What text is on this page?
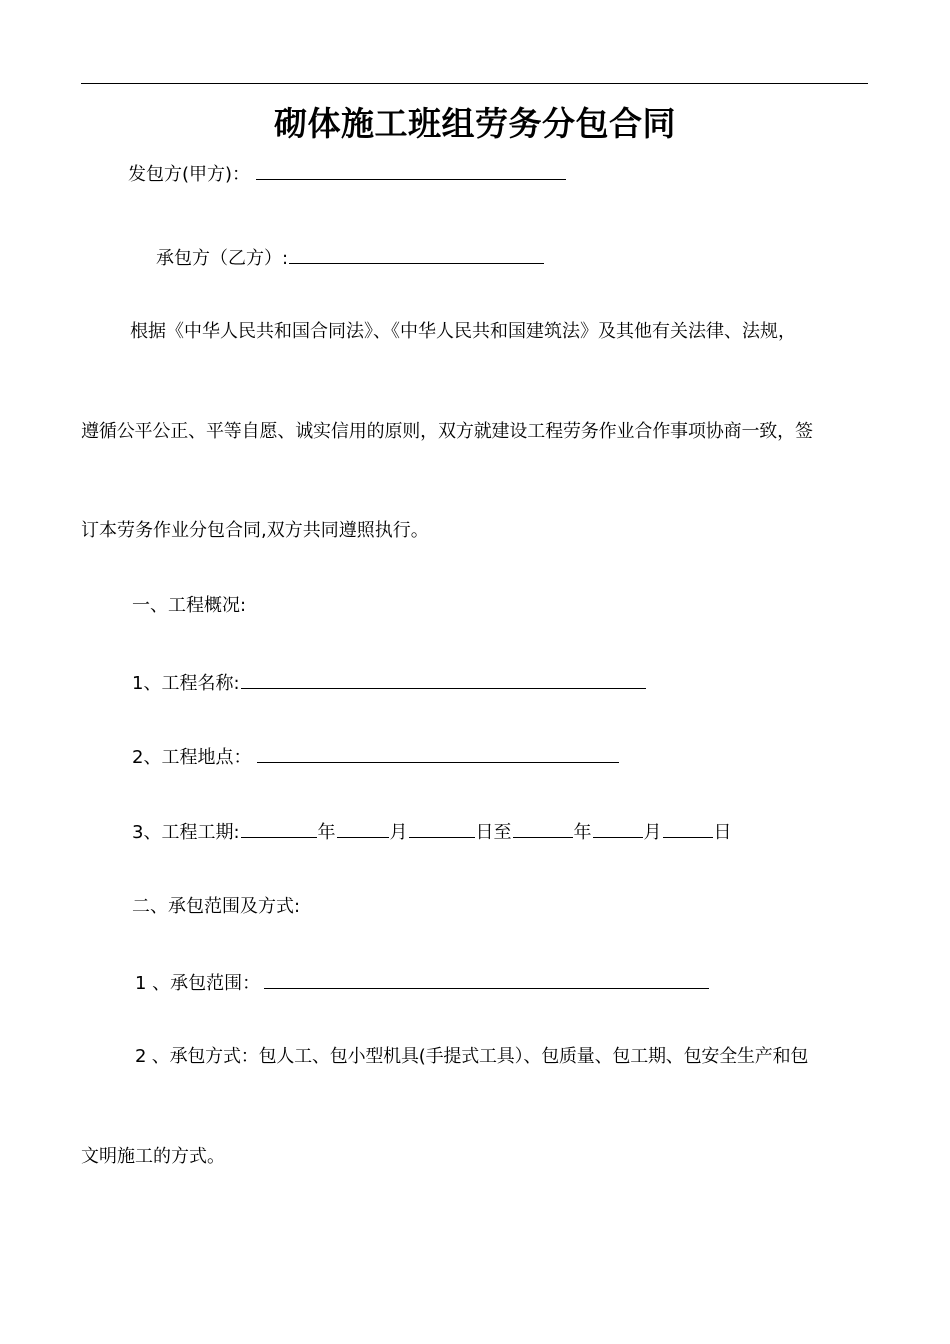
砌体施工班组劳务分包合同
发包方(甲方)：
承包方（乙方）:
根据《中华人民共和国合同法》、《中华人民共和国建筑法》及其他有关法律、法规，
遵循公平公正、平等自愿、诚实信用的原则，双方就建设工程劳务作业合作事项协商一致，签
订本劳务作业分包合同,双方共同遵照执行。
一、工程概况:
1、工程名称:
2、工程地点：
3、工程工期:	年	月	日至	年	月	日
二、承包范围及方式:
1 、承包范围：
2 、承包方式：包人工、包小型机具(手提式工具）、包质量、包工期、包安全生产和包
文明施工的方式。
